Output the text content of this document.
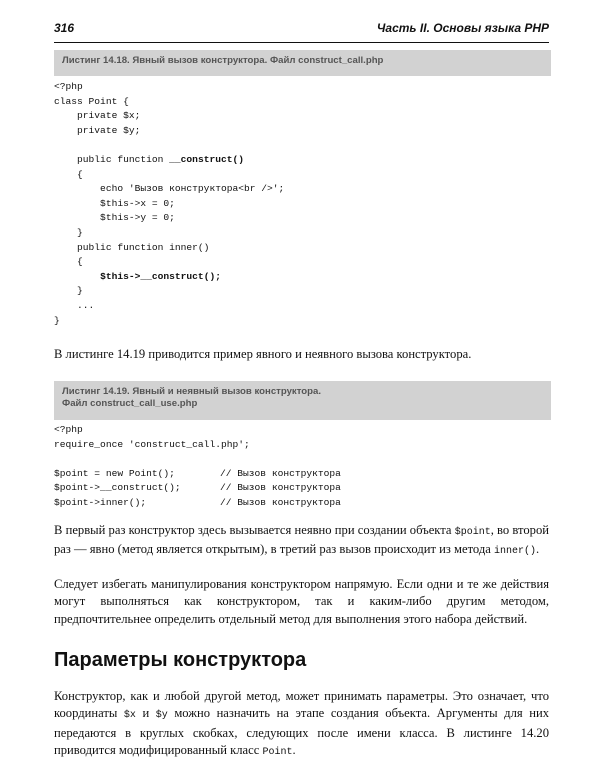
316	Часть II. Основы языка PHP
Листинг 14.18. Явный вызов конструктора. Файл construct_call.php
<?php
class Point {
private $x;
private $y;
public function __construct()
{
echo 'Вызов конструктора<br />';
$this->x = 0;
$this->y = 0;
}
public function inner()
{
$this->__construct();
}
...
}

В листинге 14.19 приводится пример явного и неявного вызова конструктора.

Листинг 14.19. Явный и неявный вызов конструктора.
Файл construct_call_use.php
<?php
require_once 'construct_call.php';
$point = new Point();	// Вызов конструктора
$point->__construct();	// Вызов конструктора
$point->inner();	// Вызов конструктора

В первый раз конструктор здесь вызывается неявно при создании объекта $point, во второй раз — явно (метод является открытым), в третий раз вызов происходит из метода inner().

Следует избегать манипулирования конструктором напрямую. Если одни и те же действия могут выполняться как конструктором, так и каким-либо другим методом, предпочтительнее определить отдельный метод для выполнения этого набора действий.

Параметры конструктора

Конструктор, как и любой другой метод, может принимать параметры. Это означает, что координаты $x и $y можно назначить на этапе создания объекта. Аргументы для них передаются в круглых скобках, следующих после имени класса. В листинге 14.20 приводится модифицированный класс Point.
